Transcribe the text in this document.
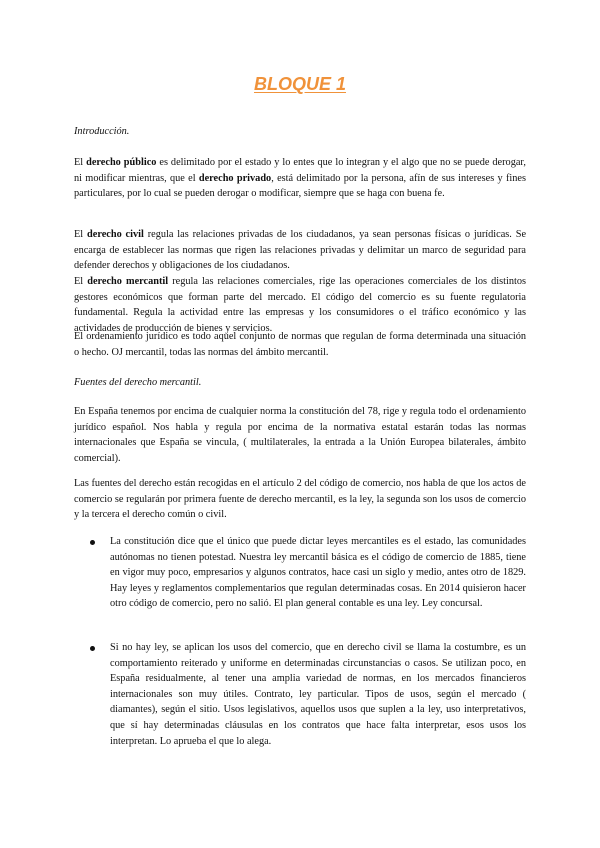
BLOQUE 1

Introducción.

El derecho público es delimitado por el estado y lo entes que lo integran y el algo que no se puede derogar, ni modificar mientras, que el derecho privado, está delimitado por la persona, afín de sus intereses y fines particulares, por lo cual se pueden derogar o modificar, siempre que se haga con buena fe.

El derecho civil regula las relaciones privadas de los ciudadanos, ya sean personas físicas o jurídicas. Se encarga de establecer las normas que rigen las relaciones privadas y delimitar un marco de seguridad para defender derechos y obligaciones de los ciudadanos.

El derecho mercantil regula las relaciones comerciales, rige las operaciones comerciales de los distintos gestores económicos que forman parte del mercado. El código del comercio es su fuente regulatoria fundamental. Regula la actividad entre las empresas y los consumidores o el tráfico económico y las actividades de producción de bienes y servicios.

El ordenamiento jurídico es todo aquel conjunto de normas que regulan de forma determinada una situación o hecho. OJ mercantil, todas las normas del ámbito mercantil.

Fuentes del derecho mercantil.

En España tenemos por encima de cualquier norma la constitución del 78, rige y regula todo el ordenamiento jurídico español. Nos habla y regula por encima de la normativa estatal estarán todas las normas internacionales que España se vincula, ( multilaterales, la entrada a la Unión Europea bilaterales, ámbito comercial).

Las fuentes del derecho están recogidas en el artículo 2 del código de comercio, nos habla de que los actos de comercio se regularán por primera fuente de derecho mercantil, es la ley, la segunda son los usos de comercio y la tercera el derecho común o civil.

La constitución dice que el único que puede dictar leyes mercantiles es el estado, las comunidades autónomas no tienen potestad. Nuestra ley mercantil básica es el código de comercio de 1885, tiene en vigor muy poco, empresarios y algunos contratos, hace casi un siglo y medio, antes otro de 1829. Hay leyes y reglamentos complementarios que regulan determinadas cosas. En 2014 quisieron hacer otro código de comercio, pero no salió. El plan general contable es una ley. Ley concursal.
Si no hay ley, se aplican los usos del comercio, que en derecho civil se llama la costumbre, es un comportamiento reiterado y uniforme en determinadas circunstancias o casos. Se utilizan poco, en España residualmente, al tener una amplia variedad de normas, en los mercados financieros internacionales son muy útiles. Contrato, ley particular. Tipos de usos, según el mercado ( diamantes), según el sitio. Usos legislativos, aquellos usos que suplen a la ley, uso interpretativos, que sí hay determinadas cláusulas en los contratos que hace falta interpretar, esos usos los interpretan. Lo aprueba el que lo alega.
